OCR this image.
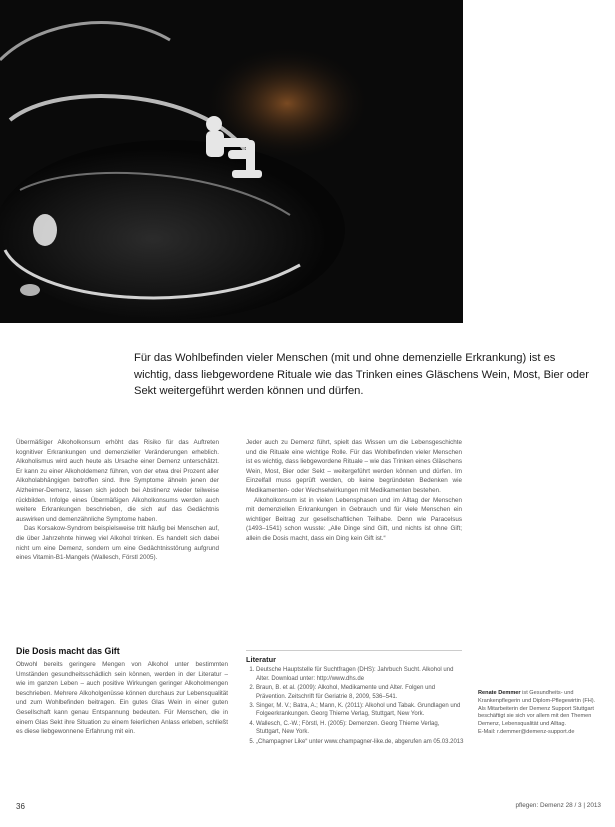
Für das Wohlbefinden vieler Menschen (mit und ohne demenzielle Erkrankung) ist es wichtig, dass liebgewordene Rituale wie das Trinken eines Gläschens Wein, Most, Bier oder Sekt weitergeführt werden können und dürfen.

Übermäßiger Alkoholkonsum erhöht das Risiko für das Auftreten kognitiver Erkrankungen und demenzieller Veränderungen erheblich. Alkoholismus wird auch heute als Ursache einer Demenz unterschätzt. Er kann zu einer Alkoholdemenz führen, von der etwa drei Prozent aller Alkoholabhängigen betroffen sind. Ihre Symptome ähneln jenen der Alzheimer-Demenz, lassen sich jedoch bei Abstinenz wieder teilweise rückbilden. Infolge eines Übermäßigen Alkoholkonsums werden auch weitere Erkrankungen beschrieben, die sich auf das Gedächtnis auswirken und demenzähnliche Symptome haben.

Das Korsakow-Syndrom beispielsweise tritt häufig bei Menschen auf, die über Jahrzehnte hinweg viel Alkohol trinken. Es handelt sich dabei nicht um eine Demenz, sondern um eine Gedächtnisstörung aufgrund eines Vitamin-B1-Mangels (Wallesch, Förstl 2005).

Jeder auch zu Demenz führt, spielt das Wissen um die Lebensgeschichte und die Rituale eine wichtige Rolle. Für das Wohlbefinden vieler Menschen ist es wichtig, dass liebgewordene Rituale – wie das Trinken eines Gläschens Wein, Most, Bier oder Sekt – weitergeführt werden können und dürfen. Im Einzelfall muss geprüft werden, ob keine begründeten Bedenken wie Medikamenten- oder Wechselwirkungen mit Medikamenten bestehen.

Alkoholkonsum ist in vielen Lebensphasen und im Alltag der Menschen mit demenziellen Erkrankungen in Gebrauch und für viele Menschen ein wichtiger Beitrag zur gesellschaftlichen Teilhabe. Denn wie Paracelsus (1493–1541) schon wusste: „Alle Dinge sind Gift, und nichts ist ohne Gift; allein die Dosis macht, dass ein Ding kein Gift ist.“

Die Dosis macht das Gift

Obwohl bereits geringere Mengen von Alkohol unter bestimmten Umständen gesundheitsschädlich sein können, werden in der Literatur – wie im ganzen Leben – auch positive Wirkungen geringer Alkoholmengen beschrieben. Mehrere Alkoholgenüsse können durchaus zur Lebensqualität und zum Wohlbefinden beitragen. Ein gutes Glas Wein in einer guten Gesellschaft kann genau Entspannung bedeuten. Für Menschen, die in einem Glas Sekt ihre Situation zu einem feierlichen Anlass erleben, schließt es diese liebgewonnene Erfahrung mit ein.

Literatur
1. Deutsche Hauptstelle für Suchtfragen (DHS): Jahrbuch Sucht. Alkohol und Alter. Download unter: http://www.dhs.de
2. Braun, B. et al. (2009): Alkohol, Medikamente und Alter. Folgen und Prävention. Zeitschrift für Geriatrie 8, 2009, 536–541.
3. Singer, M. V.; Batra, A.; Mann, K. (2011): Alkohol und Tabak. Grundlagen und Folgeerkrankungen. Georg Thieme Verlag, Stuttgart, New York.
4. Wallesch, C.-W.; Förstl, H. (2005): Demenzen. Georg Thieme Verlag, Stuttgart, New York.
5. „Champagner Like“ unter www.champagner-like.de, abgerufen am 05.03.2013
Renate Demmer ist Gesundheits- und Krankenpflegerin und Diplom-Pflegewirtin (FH). Als Mitarbeiterin der Demenz Support Stuttgart beschäftigt sie sich vor allem mit den Themen Demenz, Lebensqualität und Alltag.
E-Mail: r.demmer@demenz-support.de
36	pflegen: Demenz 28 / 3 | 2013
